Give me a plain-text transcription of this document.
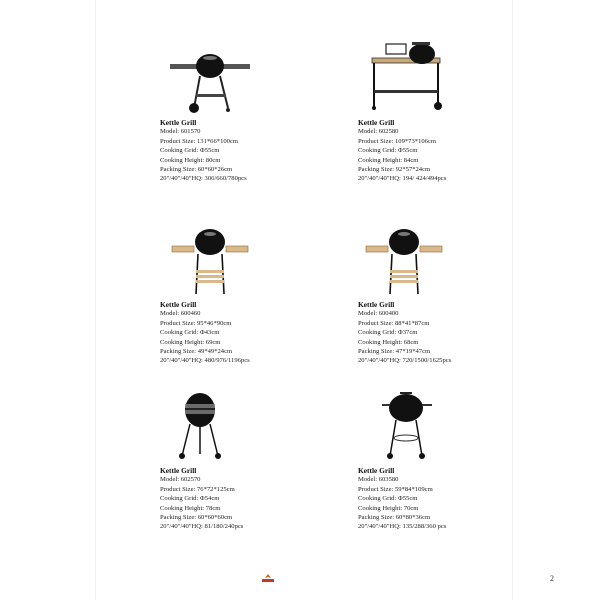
Kettle Grill
Model: 601570
Product Size: 131*66*100cm
Cooking Grid: Φ55cm
Cooking Height: 80cm
Packing Size: 60*60*26cm
20"/40"/40"HQ: 306/660/780pcs
Kettle Grill
Model: 602580
Product Size: 109*73*106cm
Cooking Grid: Φ55cm
Cooking Height: 84cm
Packing Size: 92*57*24cm
20"/40"/40"HQ: 194/ 424/494pcs
Kettle Grill
Model: 600460
Product Size: 95*46*90cm
Cooking Grid: Φ43cm
Cooking Height: 69cm
Packing Size: 49*49*24cm
20"/40"/40"HQ: 480/976/1196pcs
Kettle Grill
Model: 600400
Product Size: 88*41*87cm
Cooking Grid: Φ37cm
Cooking Height: 68cm
Packing Size: 47*19*47cm
20"/40"/40"HQ: 720/1500/1625pcs
Kettle Grill
Model: 602570
Product Size: 76*72*125cm
Cooking Grid: Φ54cm
Cooking Height: 78cm
Packing Size: 60*60*60cm
20"/40"/40"HQ: 81/180/240pcs
Kettle Grill
Model: 603580
Product Size: 59*84*109cm
Cooking Grid: Φ55cm
Cooking Height: 70cm
Packing Size: 60*80*36cm
20"/40"/40"HQ: 135/288/360 pcs
2
